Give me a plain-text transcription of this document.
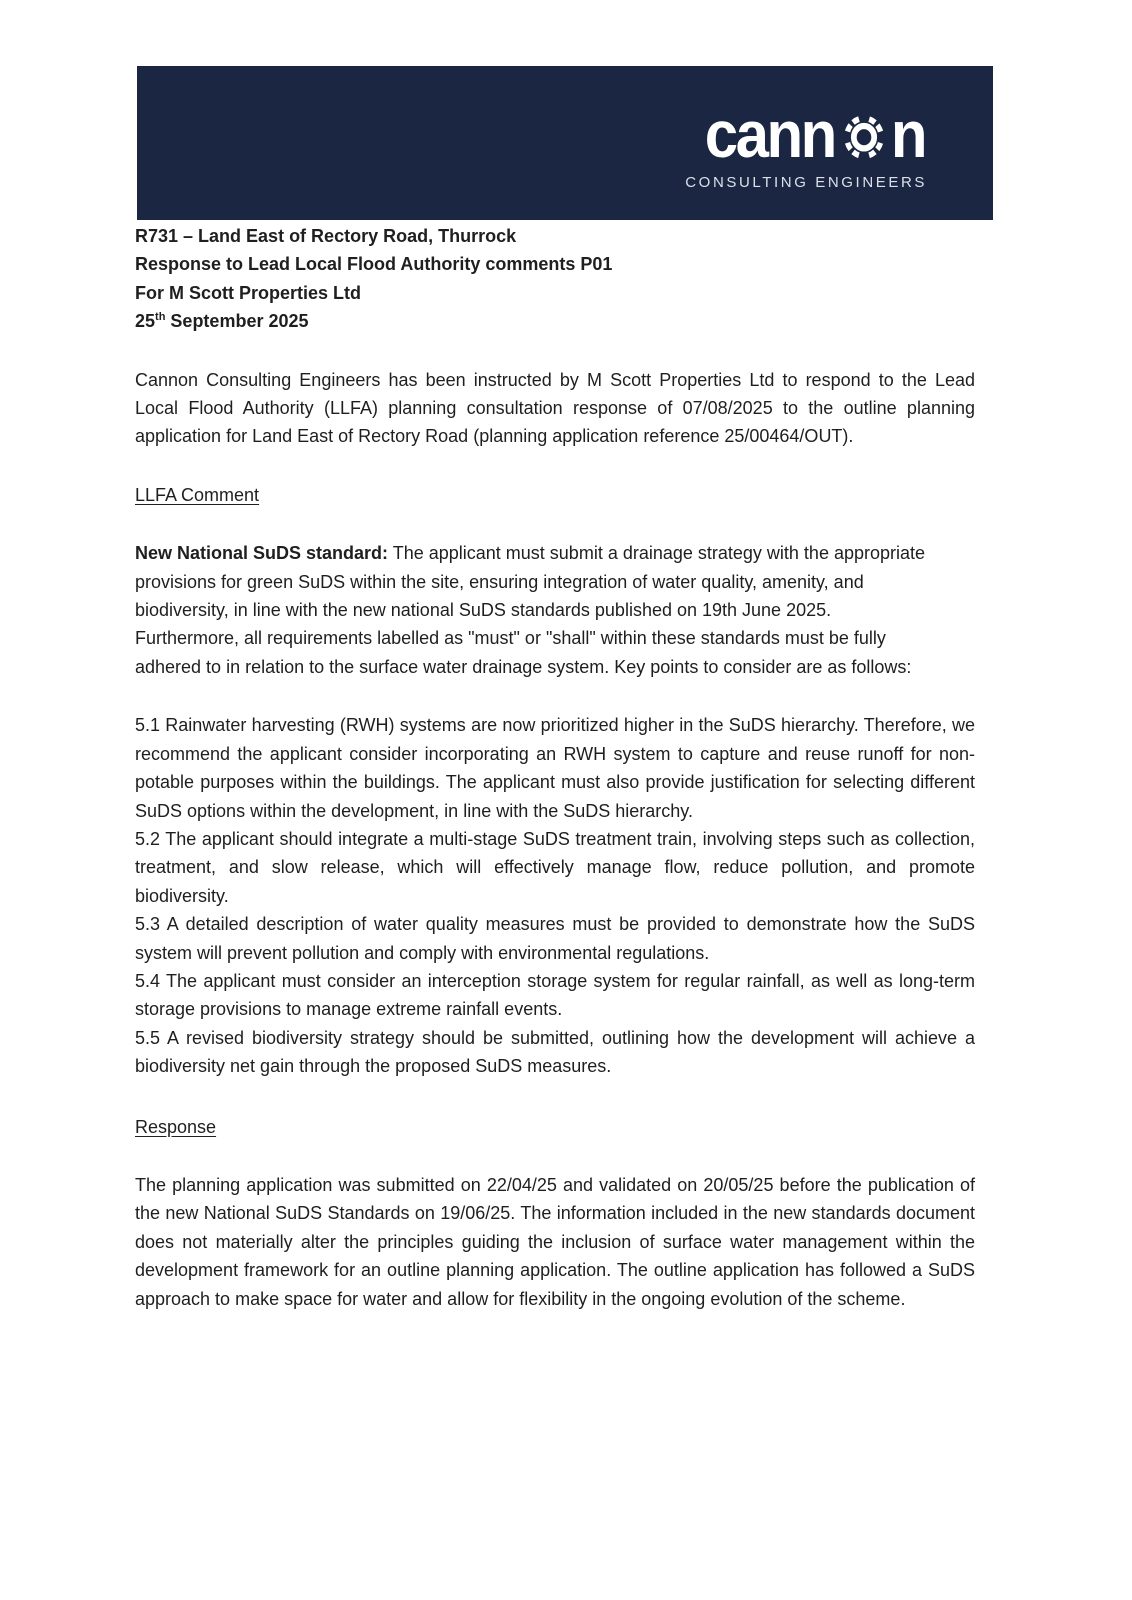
cann n
CONSULTING ENGINEERS

R731 – Land East of Rectory Road, Thurrock

Response to Lead Local Flood Authority comments P01

For M Scott Properties Ltd

25th September 2025

Cannon Consulting Engineers has been instructed by M Scott Properties Ltd to respond to the Lead Local Flood Authority (LLFA) planning consultation response of 07/08/2025 to the outline planning application for Land East of Rectory Road (planning application reference 25/00464/OUT).

LLFA Comment

New National SuDS standard: The applicant must submit a drainage strategy with the appropriate provisions for green SuDS within the site, ensuring integration of water quality, amenity, and biodiversity, in line with the new national SuDS standards published on 19th June 2025. Furthermore, all requirements labelled as "must" or "shall" within these standards must be fully adhered to in relation to the surface water drainage system. Key points to consider are as follows:

5.1 Rainwater harvesting (RWH) systems are now prioritized higher in the SuDS hierarchy. Therefore, we recommend the applicant consider incorporating an RWH system to capture and reuse runoff for non-potable purposes within the buildings. The applicant must also provide justification for selecting different SuDS options within the development, in line with the SuDS hierarchy.

5.2 The applicant should integrate a multi-stage SuDS treatment train, involving steps such as collection, treatment, and slow release, which will effectively manage flow, reduce pollution, and promote biodiversity.

5.3 A detailed description of water quality measures must be provided to demonstrate how the SuDS system will prevent pollution and comply with environmental regulations.

5.4 The applicant must consider an interception storage system for regular rainfall, as well as long-term storage provisions to manage extreme rainfall events.

5.5 A revised biodiversity strategy should be submitted, outlining how the development will achieve a biodiversity net gain through the proposed SuDS measures.

Response

The planning application was submitted on 22/04/25 and validated on 20/05/25 before the publication of the new National SuDS Standards on 19/06/25. The information included in the new standards document does not materially alter the principles guiding the inclusion of surface water management within the development framework for an outline planning application. The outline application has followed a SuDS approach to make space for water and allow for flexibility in the ongoing evolution of the scheme.
